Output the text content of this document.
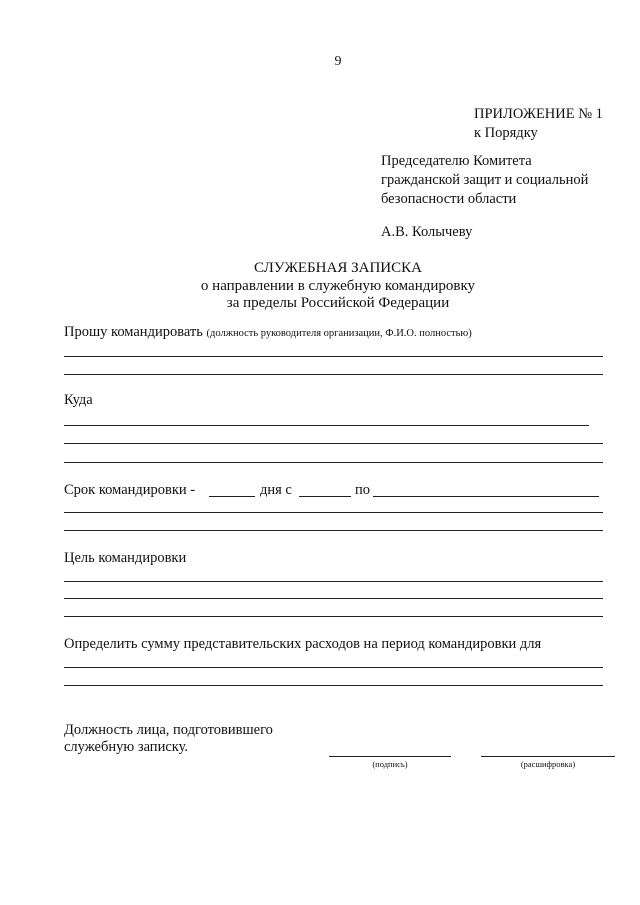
9
ПРИЛОЖЕНИЕ № 1
к Порядку
Председателю Комитета
гражданской защит и социальной
безопасности области
А.В. Колычеву
СЛУЖЕБНАЯ ЗАПИСКА
о направлении в служебную командировку
за пределы Российской Федерации
Прошу командировать (должность руководителя организации, Ф.И.О. полностью)
Куда
Срок командировки -	дня с	по
Цель командировки
Определить сумму представительских расходов на период командировки для
Должность лица, подготовившего
служебную записку.
(подпись)	(расшифровка)
